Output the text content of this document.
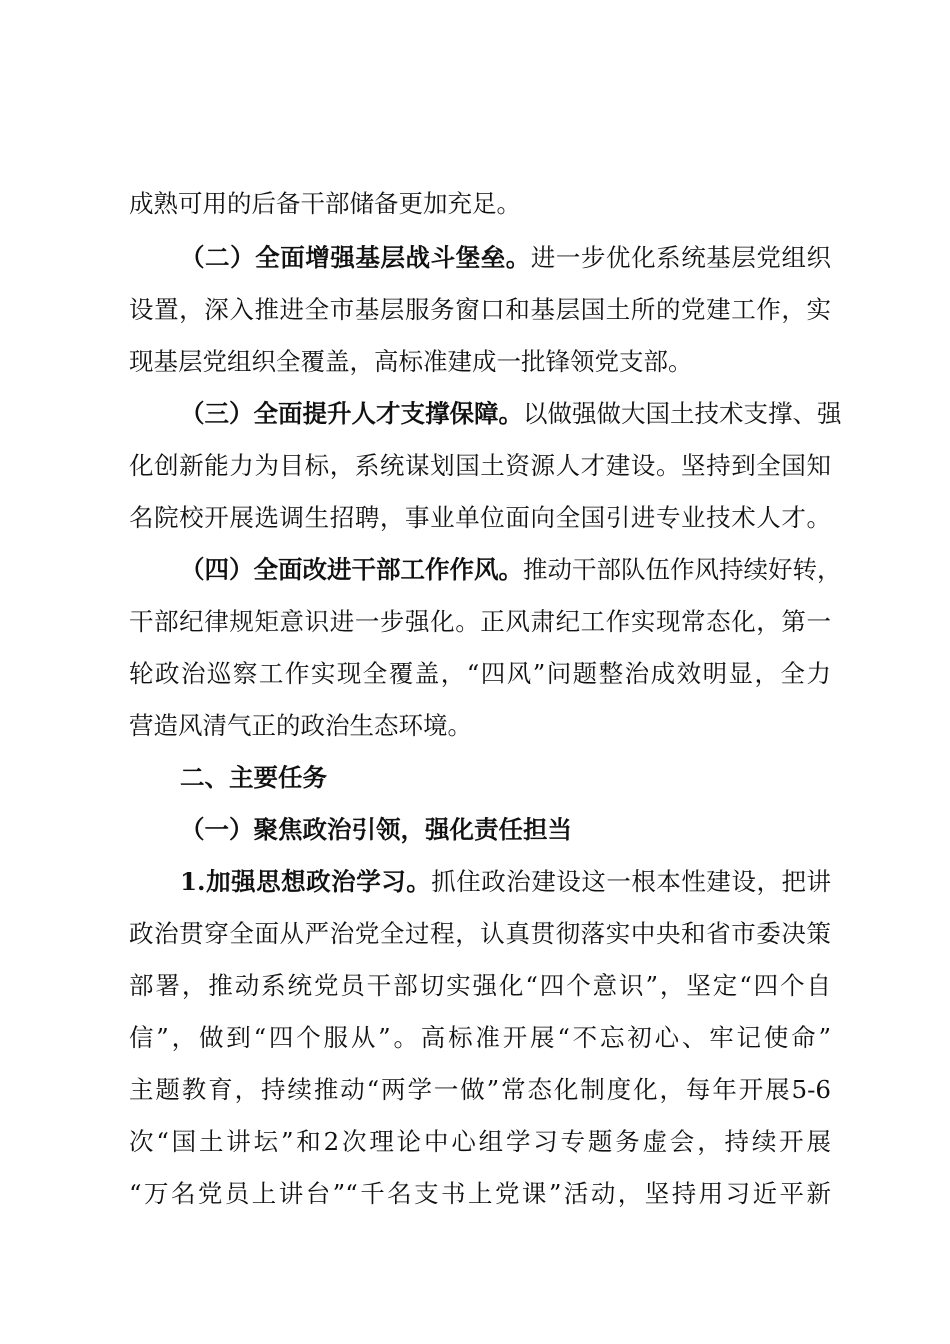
成熟可用的后备干部储备更加充足。
（二）全面增强基层战斗堡垒。进一步优化系统基层党组织
设置，深入推进全市基层服务窗口和基层国土所的党建工作，实
现基层党组织全覆盖，高标准建成一批锋领党支部。
（三）全面提升人才支撑保障。以做强做大国土技术支撑、强
化创新能力为目标，系统谋划国土资源人才建设。坚持到全国知
名院校开展选调生招聘，事业单位面向全国引进专业技术人才。
（四）全面改进干部工作作风。推动干部队伍作风持续好转，
干部纪律规矩意识进一步强化。正风肃纪工作实现常态化，第一
轮政治巡察工作实现全覆盖，“四风”问题整治成效明显，全力
营造风清气正的政治生态环境。
二、主要任务
（一）聚焦政治引领，强化责任担当
1.加强思想政治学习。抓住政治建设这一根本性建设，把讲
政治贯穿全面从严治党全过程，认真贯彻落实中央和省市委决策
部署，推动系统党员干部切实强化“四个意识”，坚定“四个自
信”，做到“四个服从”。高标准开展“不忘初心、牢记使命”
主题教育，持续推动“两学一做”常态化制度化，每年开展5-6
次“国土讲坛”和2次理论中心组学习专题务虚会，持续开展
“万名党员上讲台”“千名支书上党课”活动，坚持用习近平新
